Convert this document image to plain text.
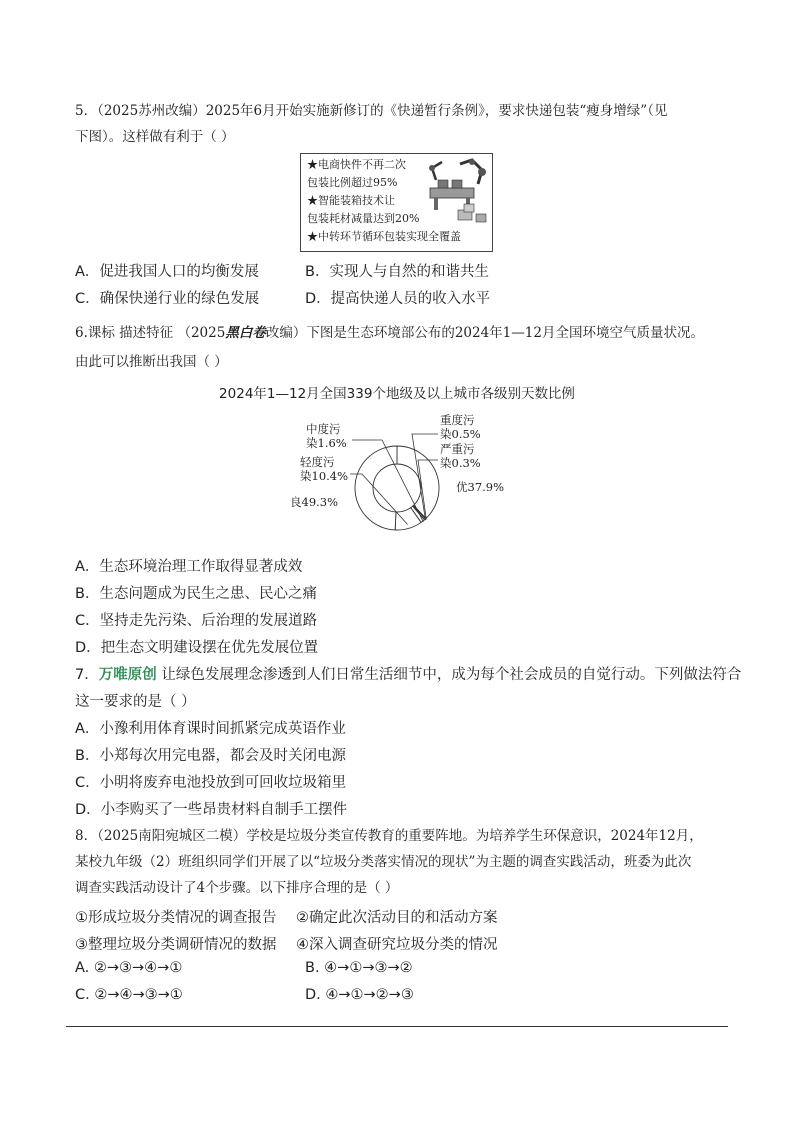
5．（2025苏州改编）2025年6月开始实施新修订的《快递暂行条例》，要求快递包装“瘦身增绿”（见
下图）。这样做有利于（ ）
★电商快件不再二次
包装比例超过95%
★智能装箱技术让
包装耗材减量达到20%
★中转环节循环包装实现全覆盖
A．促进我国人口的均衡发展	B．实现人与自然的和谐共生
C．确保快递行业的绿色发展	D．提高快递人员的收入水平
6.课标 描述特征 （2025黑白卷改编）下图是生态环境部公布的2024年1—12月全国环境空气质量状况。
由此可以推断出我国（ ）
2024年1—12月全国339个地级及以上城市各级别天数比例
优37.9%
良49.3%
轻度污
染10.4%
中度污
染1.6%
重度污
染0.5%
严重污
染0.3%
A．生态环境治理工作取得显著成效
B．生态问题成为民生之患、民心之痛
C．坚持走先污染、后治理的发展道路
D．把生态文明建设摆在优先发展位置
7．万唯原创 让绿色发展理念渗透到人们日常生活细节中，成为每个社会成员的自觉行动。下列做法符合
这一要求的是（ ）
A．小豫利用体育课时间抓紧完成英语作业
B．小郑每次用完电器，都会及时关闭电源
C．小明将废弃电池投放到可回收垃圾箱里
D．小李购买了一些昂贵材料自制手工摆件
8．（2025南阳宛城区二模）学校是垃圾分类宣传教育的重要阵地。为培养学生环保意识，2024年12月，
某校九年级（2）班组织同学们开展了以“垃圾分类落实情况的现状”为主题的调查实践活动，班委为此次
调查实践活动设计了4个步骤。以下排序合理的是（ ）
①形成垃圾分类情况的调查报告 ②确定此次活动目的和活动方案
③整理垃圾分类调研情况的数据 ④深入调查研究垃圾分类的情况
A. ②→③→④→①	B. ④→①→③→②
C. ②→④→③→①	D. ④→①→②→③
